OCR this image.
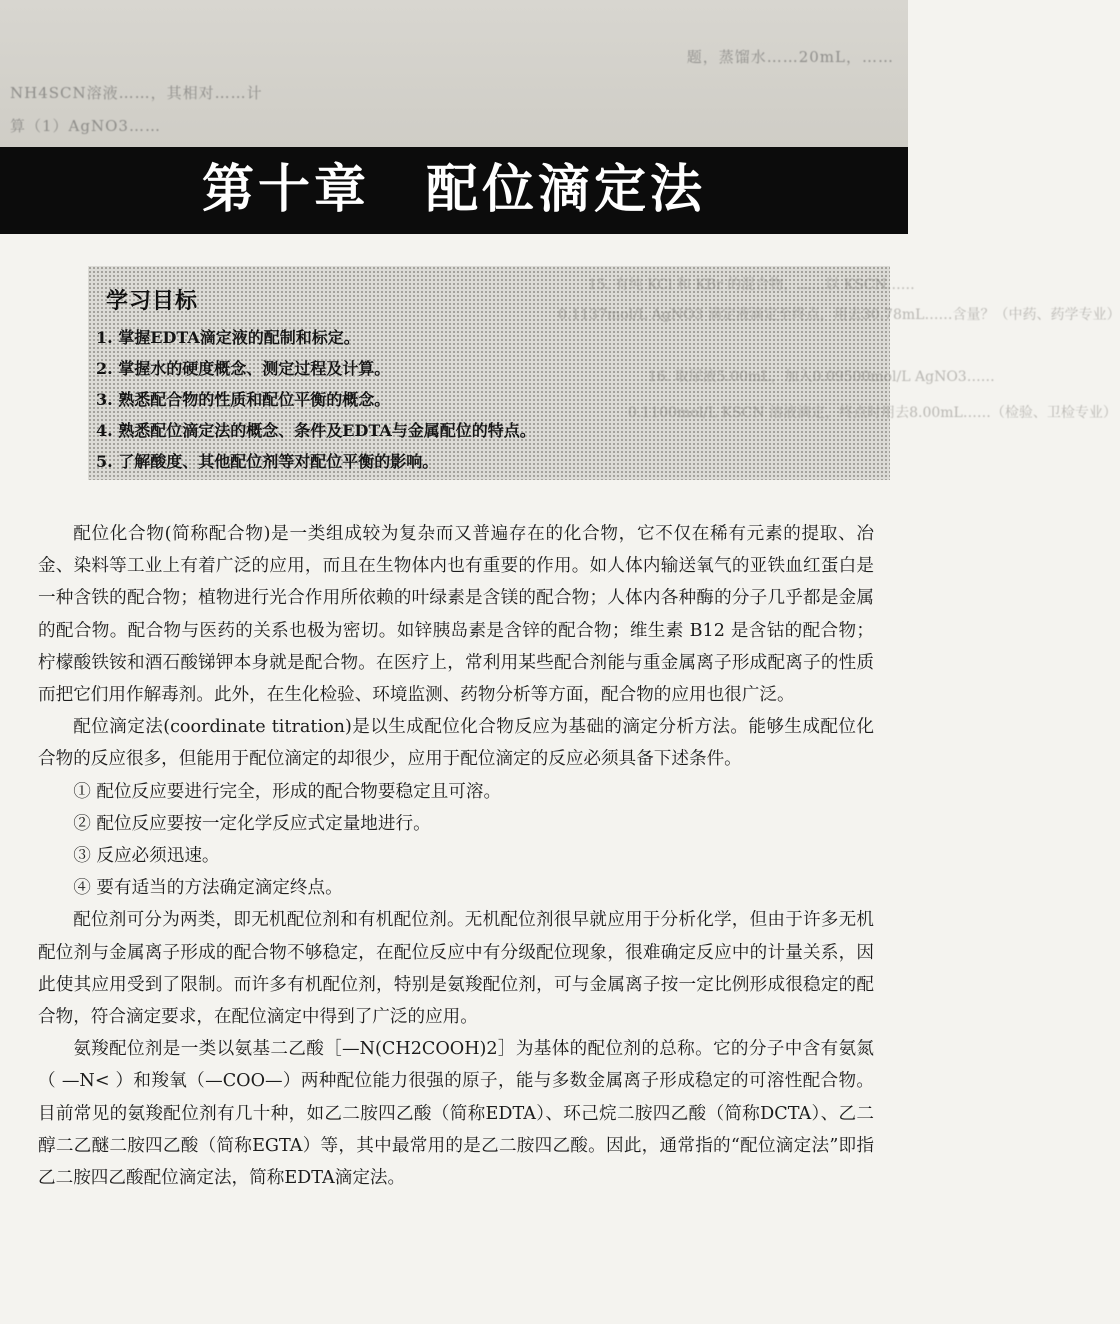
题，蒸馏水……20mL，……
NH4SCN溶液……，其相对……计
算（1）AgNO3……
第十章　配位滴定法
15. 有纯 KCl 和 KBr 的混合物，……以 KSCN……
0.1137mol/L AgNO3 滴定液滴定至终点，用去30.78mL……含量？（中药、药学专业）
16. 取尿液5.00mL，加入0.09500mol/L AgNO3……
0.1100mol/L KSCN 溶液滴定，终点时用去8.00mL……（检验、卫检专业）
学习目标
1. 掌握EDTA滴定液的配制和标定。
2. 掌握水的硬度概念、测定过程及计算。
3. 熟悉配合物的性质和配位平衡的概念。
4. 熟悉配位滴定法的概念、条件及EDTA与金属配位的特点。
5. 了解酸度、其他配位剂等对配位平衡的影响。

配位化合物(简称配合物)是一类组成较为复杂而又普遍存在的化合物，它不仅在稀有元素的提取、冶金、染料等工业上有着广泛的应用，而且在生物体内也有重要的作用。如人体内输送氧气的亚铁血红蛋白是一种含铁的配合物；植物进行光合作用所依赖的叶绿素是含镁的配合物；人体内各种酶的分子几乎都是金属的配合物。配合物与医药的关系也极为密切。如锌胰岛素是含锌的配合物；维生素 B12 是含钴的配合物；柠檬酸铁铵和酒石酸锑钾本身就是配合物。在医疗上，常利用某些配合剂能与重金属离子形成配离子的性质而把它们用作解毒剂。此外，在生化检验、环境监测、药物分析等方面，配合物的应用也很广泛。

配位滴定法(coordinate titration)是以生成配位化合物反应为基础的滴定分析方法。能够生成配位化合物的反应很多，但能用于配位滴定的却很少，应用于配位滴定的反应必须具备下述条件。

① 配位反应要进行完全，形成的配合物要稳定且可溶。

② 配位反应要按一定化学反应式定量地进行。

③ 反应必须迅速。

④ 要有适当的方法确定滴定终点。

配位剂可分为两类，即无机配位剂和有机配位剂。无机配位剂很早就应用于分析化学，但由于许多无机配位剂与金属离子形成的配合物不够稳定，在配位反应中有分级配位现象，很难确定反应中的计量关系，因此使其应用受到了限制。而许多有机配位剂，特别是氨羧配位剂，可与金属离子按一定比例形成很稳定的配合物，符合滴定要求，在配位滴定中得到了广泛的应用。

氨羧配位剂是一类以氨基二乙酸［—N(CH2COOH)2］为基体的配位剂的总称。它的分子中含有氨氮（ —N< ）和羧氧（—COO—）两种配位能力很强的原子，能与多数金属离子形成稳定的可溶性配合物。目前常见的氨羧配位剂有几十种，如乙二胺四乙酸（简称EDTA）、环己烷二胺四乙酸（简称DCTA）、乙二醇二乙醚二胺四乙酸（简称EGTA）等，其中最常用的是乙二胺四乙酸。因此，通常指的“配位滴定法”即指乙二胺四乙酸配位滴定法，简称EDTA滴定法。
